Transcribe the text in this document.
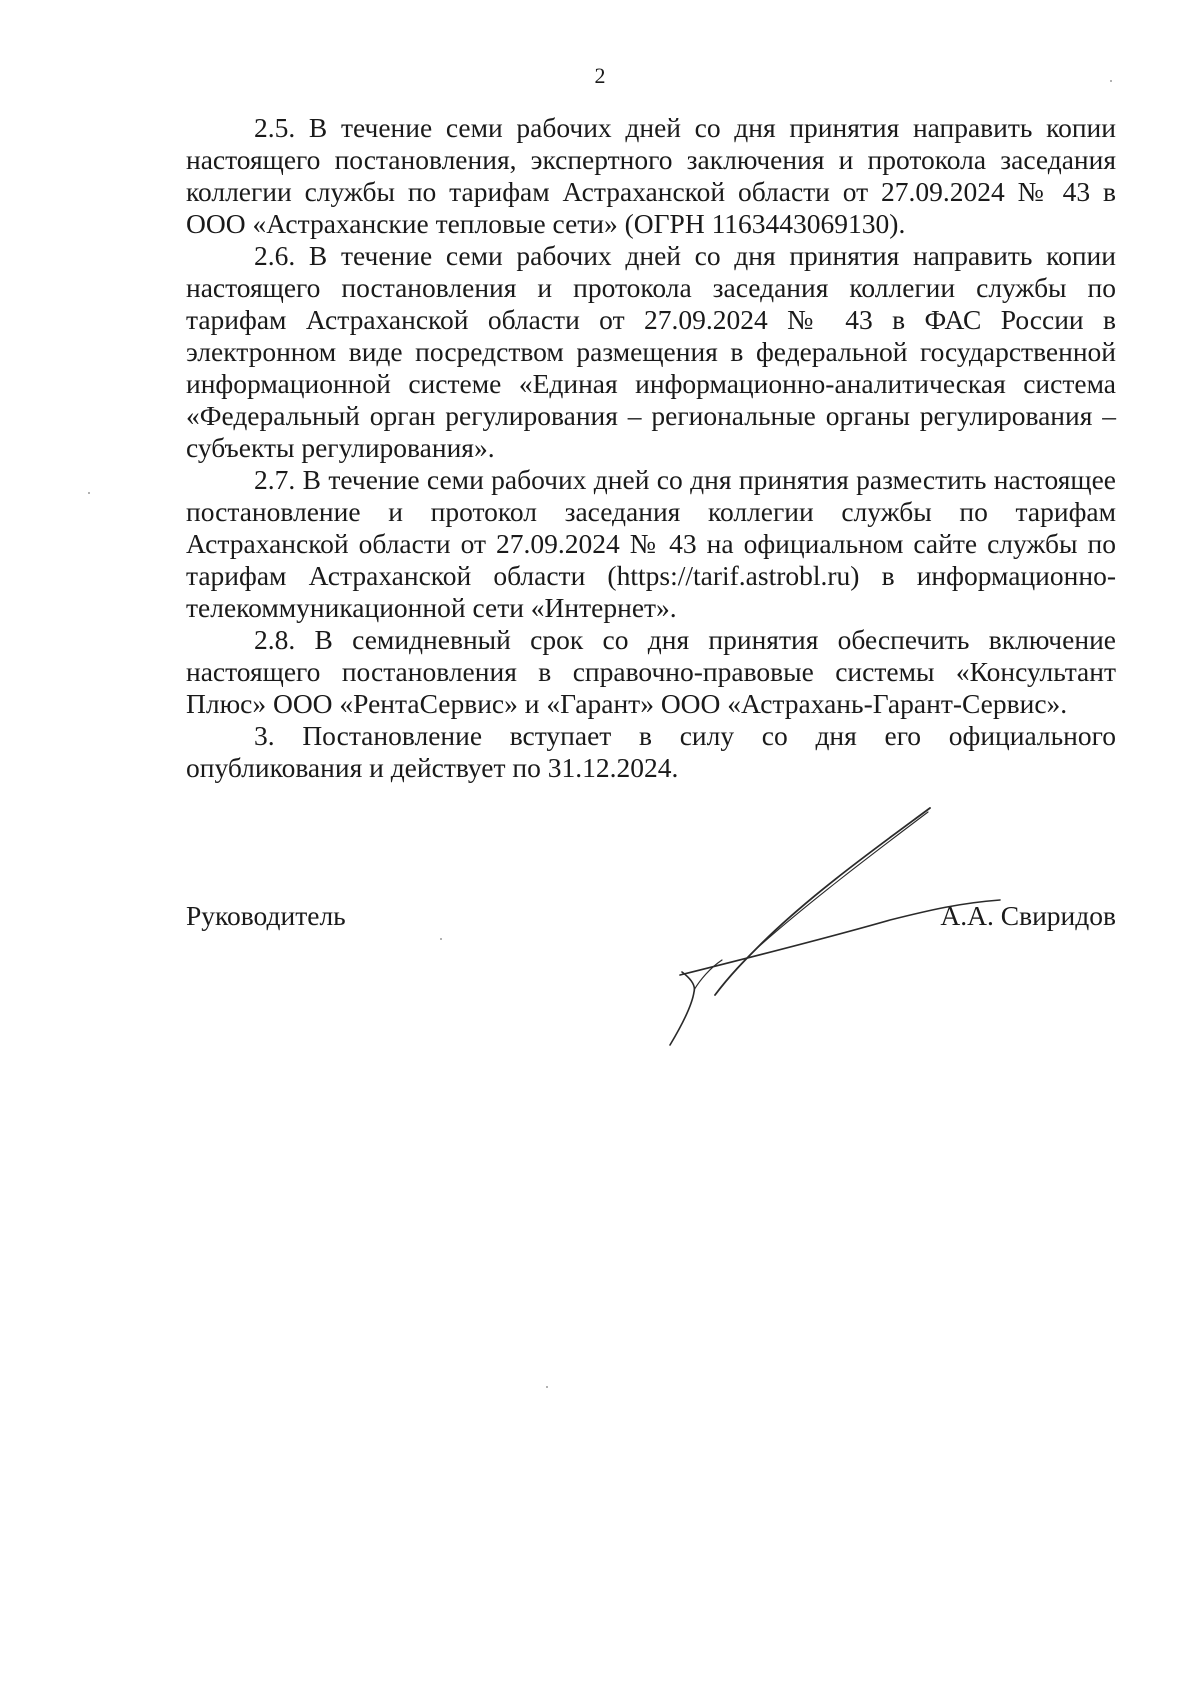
2

2.5. В течение семи рабочих дней со дня принятия направить копии настоящего постановления, экспертного заключения и протокола заседания коллегии службы по тарифам Астраханской области от 27.09.2024 № 43 в ООО «Астраханские тепловые сети» (ОГРН 1163443069130).

2.6. В течение семи рабочих дней со дня принятия направить копии настоящего постановления и протокола заседания коллегии службы по тарифам Астраханской области от 27.09.2024 № 43 в ФАС России в электронном виде посредством размещения в федеральной государственной информационной системе «Единая информационно-аналитическая система «Федеральный орган регулирования – региональные органы регулирования – субъекты регулирования».

2.7. В течение семи рабочих дней со дня принятия разместить настоящее постановление и протокол заседания коллегии службы по тарифам Астраханской области от 27.09.2024 № 43 на официальном сайте службы по тарифам Астраханской области (https://tarif.astrobl.ru) в информационно-телекоммуникационной сети «Интернет».

2.8. В семидневный срок со дня принятия обеспечить включение настоящего постановления в справочно-правовые системы «Консультант Плюс» ООО «РентаСервис» и «Гарант» ООО «Астрахань-Гарант-Сервис».

3. Постановление вступает в силу со дня его официального опубликования и действует по 31.12.2024.

Руководитель	А.А. Свиридов
